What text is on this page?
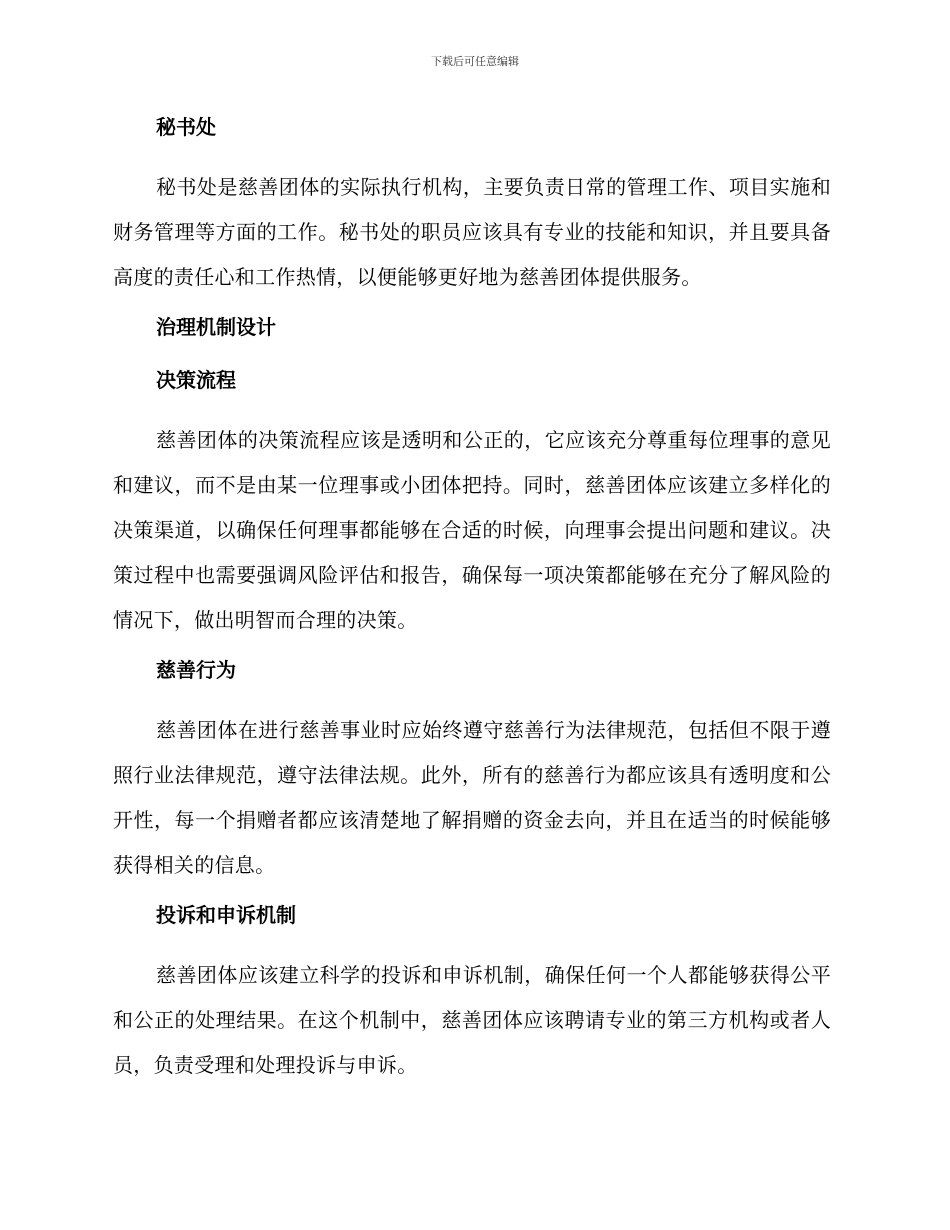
下载后可任意编辑
秘书处

秘书处是慈善团体的实际执行机构，主要负责日常的管理工作、项目实施和财务管理等方面的工作。秘书处的职员应该具有专业的技能和知识，并且要具备高度的责任心和工作热情，以便能够更好地为慈善团体提供服务。

治理机制设计
决策流程

慈善团体的决策流程应该是透明和公正的，它应该充分尊重每位理事的意见和建议，而不是由某一位理事或小团体把持。同时，慈善团体应该建立多样化的决策渠道，以确保任何理事都能够在合适的时候，向理事会提出问题和建议。决策过程中也需要强调风险评估和报告，确保每一项决策都能够在充分了解风险的情况下，做出明智而合理的决策。

慈善行为

慈善团体在进行慈善事业时应始终遵守慈善行为法律规范，包括但不限于遵照行业法律规范，遵守法律法规。此外，所有的慈善行为都应该具有透明度和公开性，每一个捐赠者都应该清楚地了解捐赠的资金去向，并且在适当的时候能够获得相关的信息。

投诉和申诉机制

慈善团体应该建立科学的投诉和申诉机制，确保任何一个人都能够获得公平和公正的处理结果。在这个机制中，慈善团体应该聘请专业的第三方机构或者人员，负责受理和处理投诉与申诉。
